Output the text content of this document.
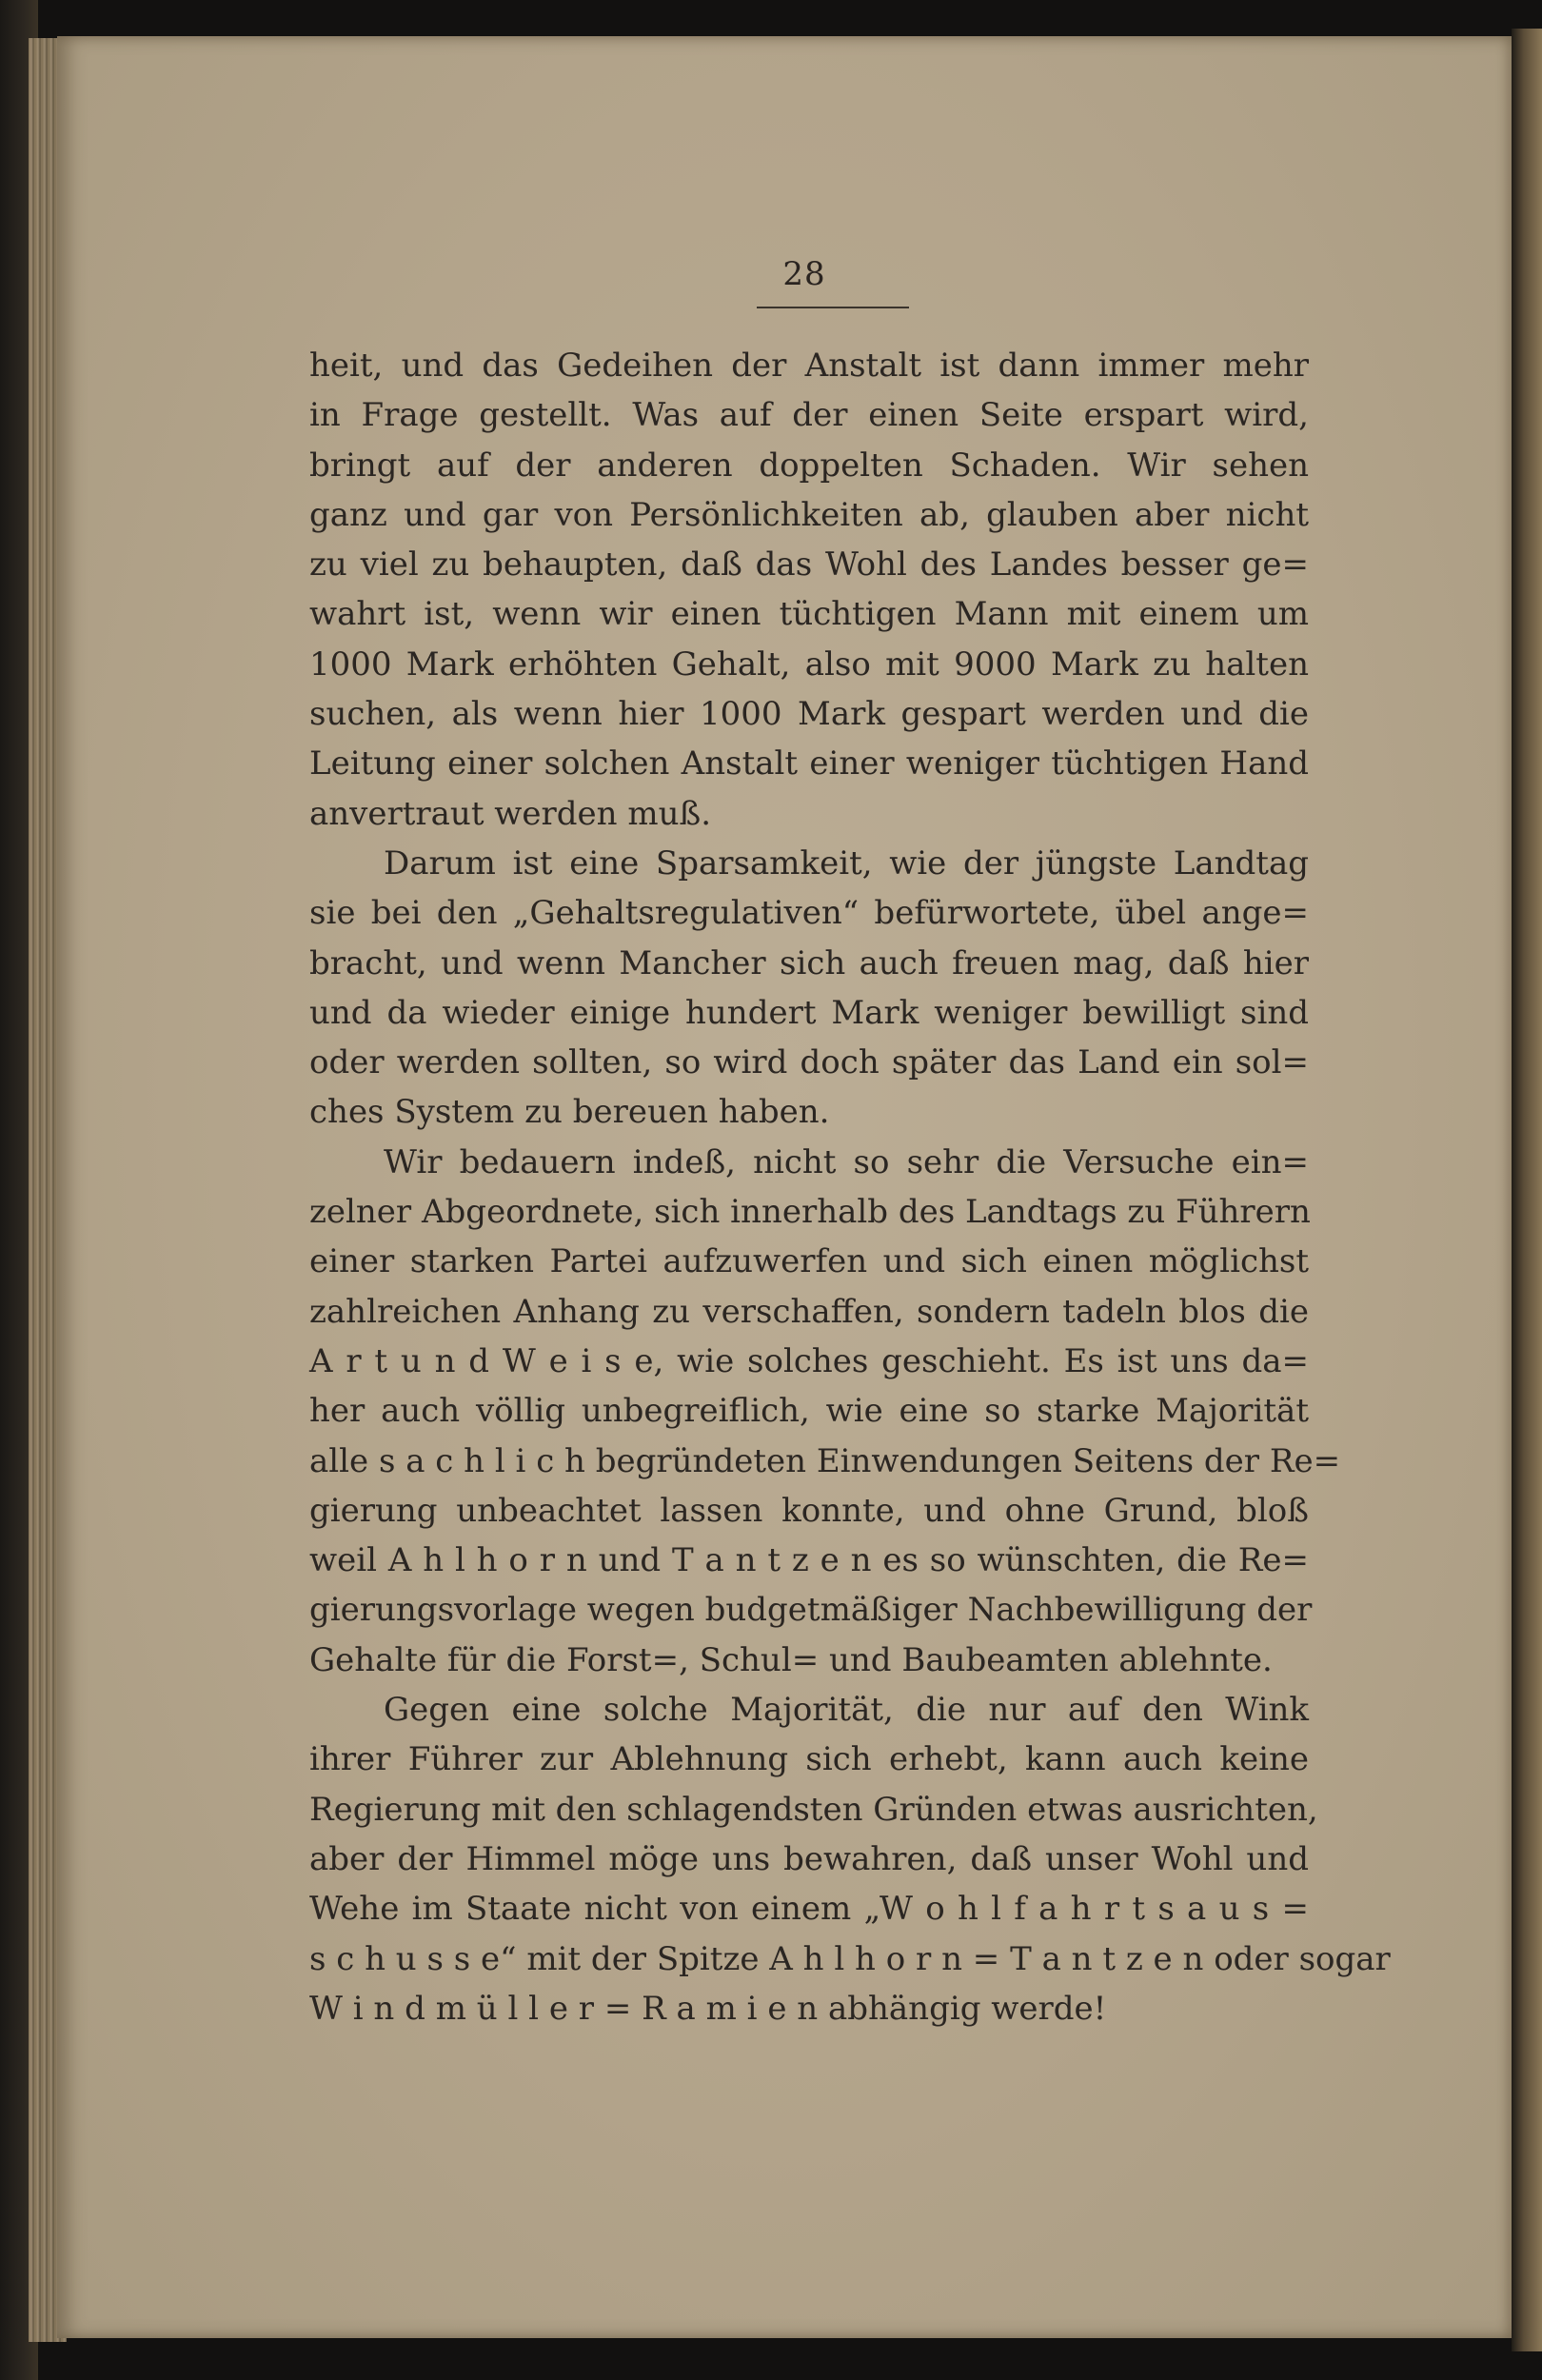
28
heit, und das Gedeihen der Anstalt ist dann immer mehr
in Frage gestellt. Was auf der einen Seite erspart wird,
bringt auf der anderen doppelten Schaden. Wir sehen
ganz und gar von Persönlichkeiten ab, glauben aber nicht
zu viel zu behaupten, daß das Wohl des Landes besser ge=
wahrt ist, wenn wir einen tüchtigen Mann mit einem um
1000 Mark erhöhten Gehalt, also mit 9000 Mark zu halten
suchen, als wenn hier 1000 Mark gespart werden und die
Leitung einer solchen Anstalt einer weniger tüchtigen Hand
anvertraut werden muß.
Darum ist eine Sparsamkeit, wie der jüngste Landtag
sie bei den „Gehaltsregulativen“ befürwortete, übel ange=
bracht, und wenn Mancher sich auch freuen mag, daß hier
und da wieder einige hundert Mark weniger bewilligt sind
oder werden sollten, so wird doch später das Land ein sol=
ches System zu bereuen haben.
Wir bedauern indeß, nicht so sehr die Versuche ein=
zelner Abgeordnete, sich innerhalb des Landtags zu Führern
einer starken Partei aufzuwerfen und sich einen möglichst
zahlreichen Anhang zu verschaffen, sondern tadeln blos die
A r t u n d W e i s e, wie solches geschieht. Es ist uns da=
her auch völlig unbegreiflich, wie eine so starke Majorität
alle s a c h l i c h begründeten Einwendungen Seitens der Re=
gierung unbeachtet lassen konnte, und ohne Grund, bloß
weil A h l h o r n und T a n t z e n es so wünschten, die Re=
gierungsvorlage wegen budgetmäßiger Nachbewilligung der
Gehalte für die Forst=, Schul= und Baubeamten ablehnte.
Gegen eine solche Majorität, die nur auf den Wink
ihrer Führer zur Ablehnung sich erhebt, kann auch keine
Regierung mit den schlagendsten Gründen etwas ausrichten,
aber der Himmel möge uns bewahren, daß unser Wohl und
Wehe im Staate nicht von einem „W o h l f a h r t s a u s =
s c h u s s e“ mit der Spitze A h l h o r n = T a n t z e n oder sogar
W i n d m ü l l e r = R a m i e n abhängig werde!
